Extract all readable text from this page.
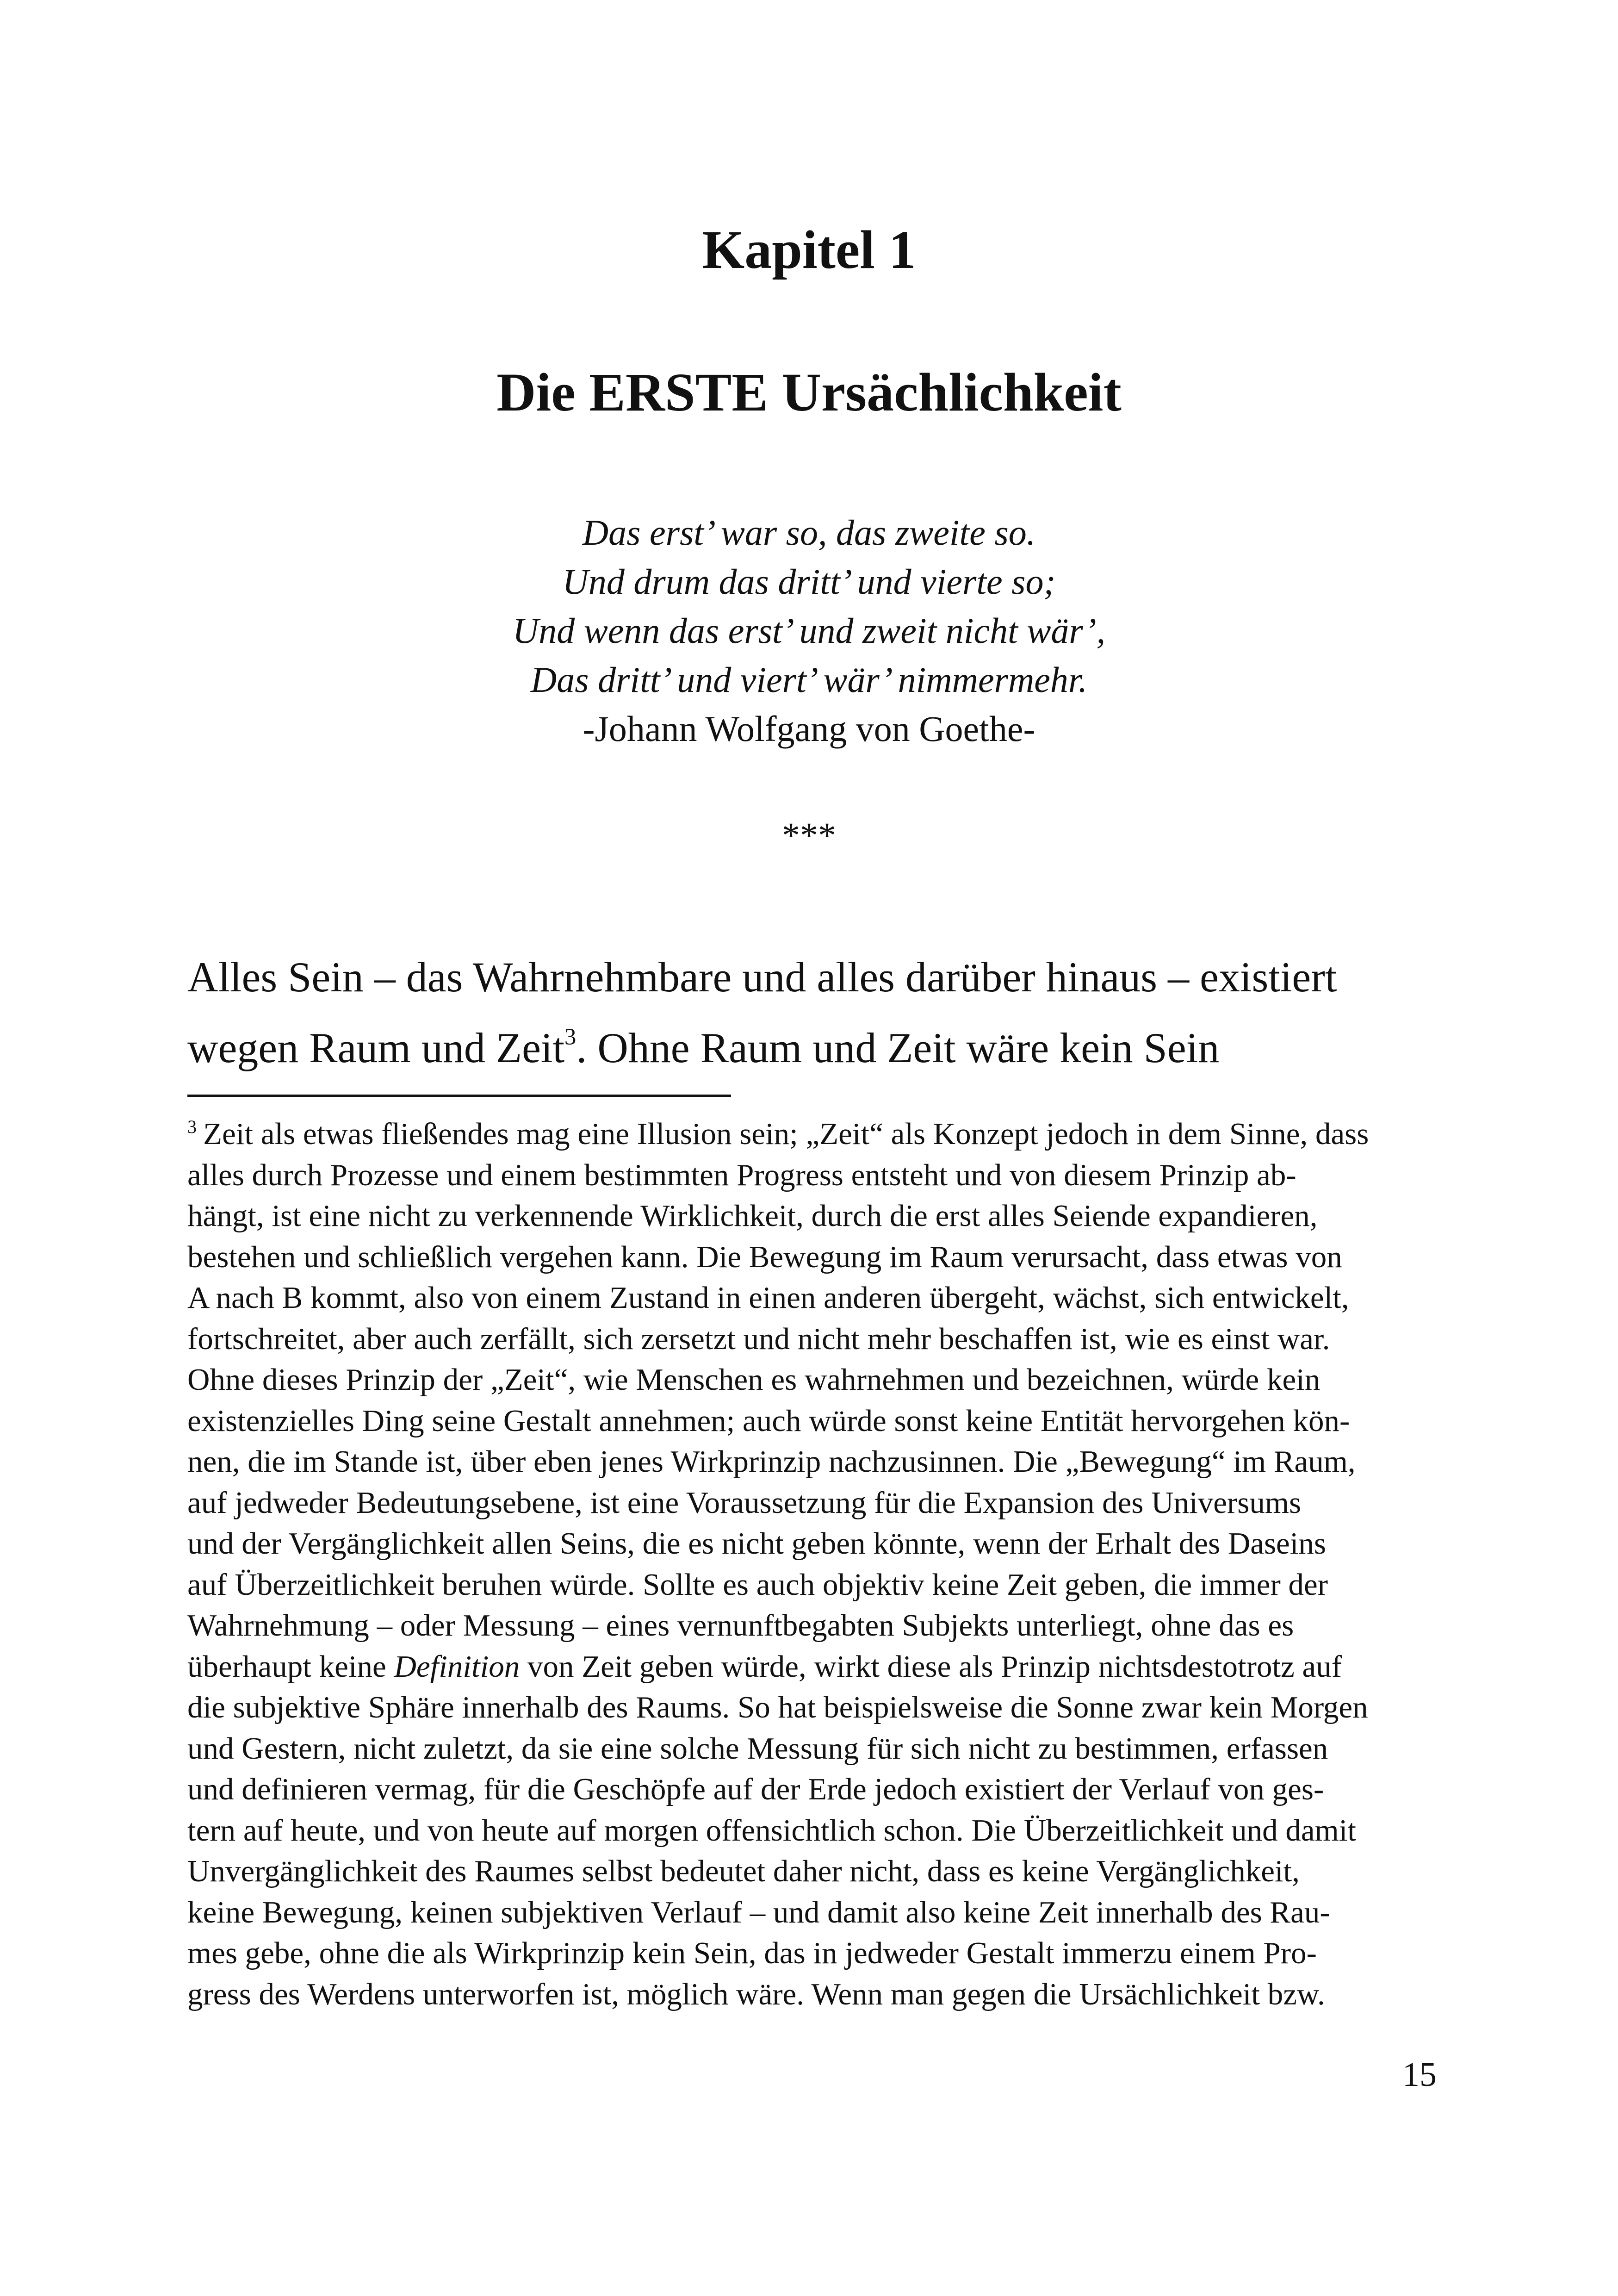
Kapitel 1
Die ERSTE Ursächlichkeit
Das erst’ war so, das zweite so.
Und drum das dritt’ und vierte so;
Und wenn das erst’ und zweit nicht wär’,
Das dritt’ und viert’ wär’ nimmermehr.
-Johann Wolfgang von Goethe-
***
Alles Sein – das Wahrnehmbare und alles darüber hinaus – existiert
wegen Raum und Zeit$^3$. Ohne Raum und Zeit wäre kein Sein
$^3$ Zeit als etwas fließendes mag eine Illusion sein; „Zeit“ als Konzept jedoch in dem Sinne, dass
alles durch Prozesse und einem bestimmten Progress entsteht und von diesem Prinzip ab-
hängt, ist eine nicht zu verkennende Wirklichkeit, durch die erst alles Seiende expandieren,
bestehen und schließlich vergehen kann. Die Bewegung im Raum verursacht, dass etwas von
A nach B kommt, also von einem Zustand in einen anderen übergeht, wächst, sich entwickelt,
fortschreitet, aber auch zerfällt, sich zersetzt und nicht mehr beschaffen ist, wie es einst war.
Ohne dieses Prinzip der „Zeit“, wie Menschen es wahrnehmen und bezeichnen, würde kein
existenzielles Ding seine Gestalt annehmen; auch würde sonst keine Entität hervorgehen kön-
nen, die im Stande ist, über eben jenes Wirkprinzip nachzusinnen. Die „Bewegung“ im Raum,
auf jedweder Bedeutungsebene, ist eine Voraussetzung für die Expansion des Universums
und der Vergänglichkeit allen Seins, die es nicht geben könnte, wenn der Erhalt des Daseins
auf Überzeitlichkeit beruhen würde. Sollte es auch objektiv keine Zeit geben, die immer der
Wahrnehmung – oder Messung – eines vernunftbegabten Subjekts unterliegt, ohne das es
überhaupt keine Definition von Zeit geben würde, wirkt diese als Prinzip nichtsdestotrotz auf
die subjektive Sphäre innerhalb des Raums. So hat beispielsweise die Sonne zwar kein Morgen
und Gestern, nicht zuletzt, da sie eine solche Messung für sich nicht zu bestimmen, erfassen
und definieren vermag, für die Geschöpfe auf der Erde jedoch existiert der Verlauf von ges-
tern auf heute, und von heute auf morgen offensichtlich schon. Die Überzeitlichkeit und damit
Unvergänglichkeit des Raumes selbst bedeutet daher nicht, dass es keine Vergänglichkeit,
keine Bewegung, keinen subjektiven Verlauf – und damit also keine Zeit innerhalb des Rau-
mes gebe, ohne die als Wirkprinzip kein Sein, das in jedweder Gestalt immerzu einem Pro-
gress des Werdens unterworfen ist, möglich wäre. Wenn man gegen die Ursächlichkeit bzw.
15
